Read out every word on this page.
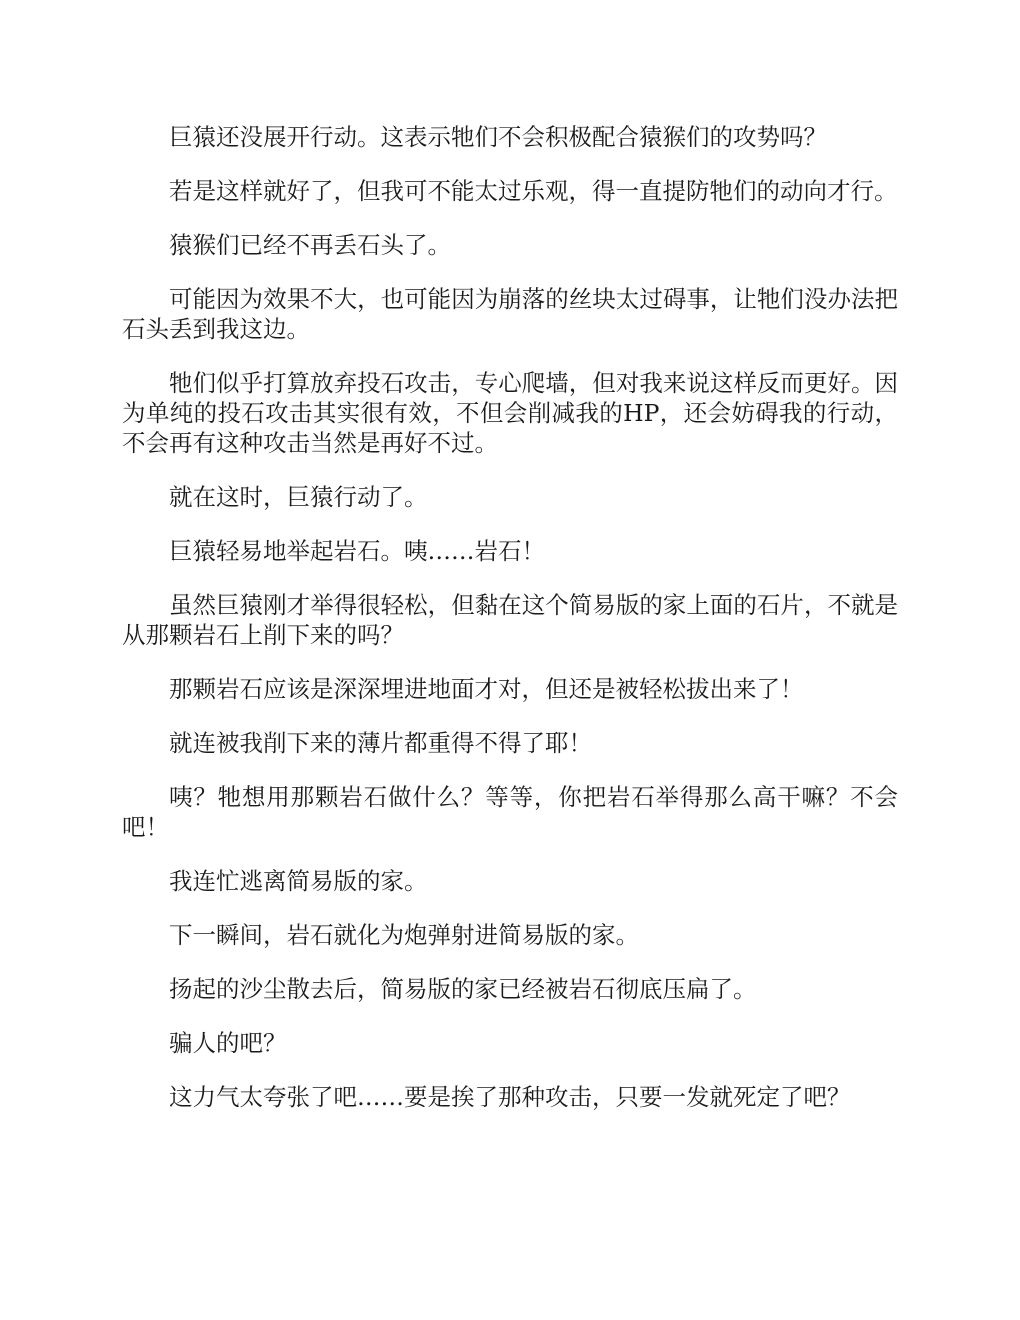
巨猿还没展开行动。这表示牠们不会积极配合猿猴们的攻势吗？

若是这样就好了，但我可不能太过乐观，得一直提防牠们的动向才行。

猿猴们已经不再丢石头了。

可能因为效果不大，也可能因为崩落的丝块太过碍事，让牠们没办法把石头丢到我这边。

牠们似乎打算放弃投石攻击，专心爬墙，但对我来说这样反而更好。因为单纯的投石攻击其实很有效，不但会削减我的HP，还会妨碍我的行动，不会再有这种攻击当然是再好不过。

就在这时，巨猿行动了。

巨猿轻易地举起岩石。咦……岩石！

虽然巨猿刚才举得很轻松，但黏在这个简易版的家上面的石片，不就是从那颗岩石上削下来的吗？

那颗岩石应该是深深埋进地面才对，但还是被轻松拔出来了！

就连被我削下来的薄片都重得不得了耶！

咦？牠想用那颗岩石做什么？等等，你把岩石举得那么高干嘛？不会吧！

我连忙逃离简易版的家。

下一瞬间，岩石就化为炮弹射进简易版的家。

扬起的沙尘散去后，简易版的家已经被岩石彻底压扁了。

骗人的吧？

这力气太夸张了吧……要是挨了那种攻击，只要一发就死定了吧？
